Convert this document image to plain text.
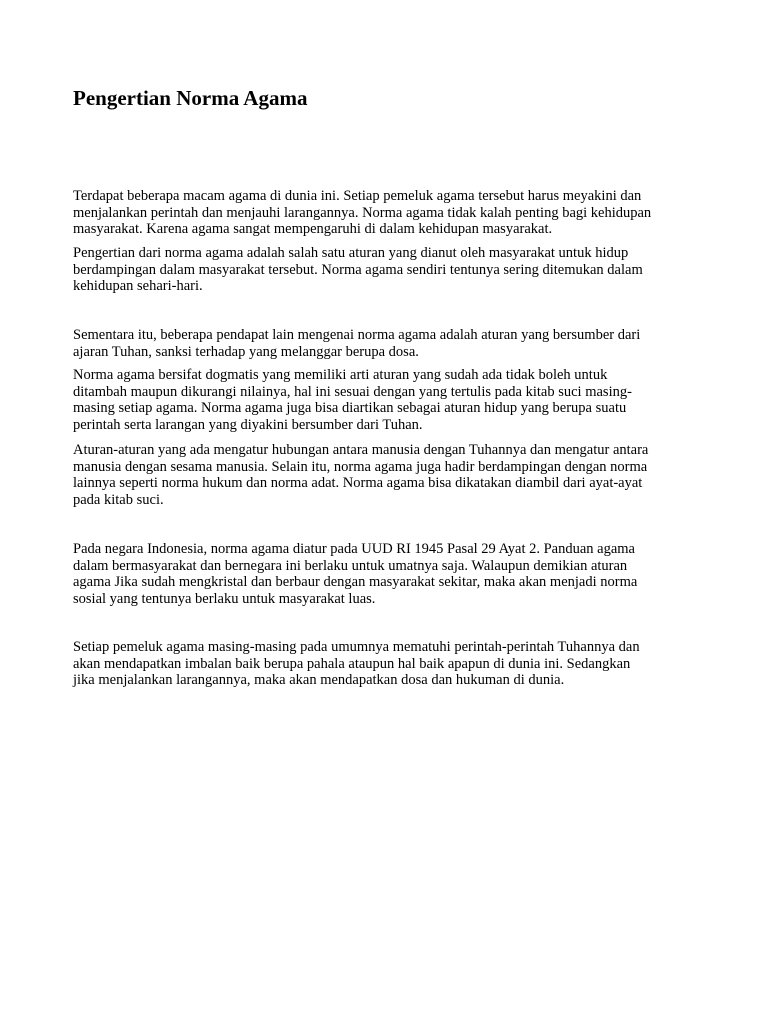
Pengertian Norma Agama

Terdapat beberapa macam agama di dunia ini. Setiap pemeluk agama tersebut harus meyakini dan
menjalankan perintah dan menjauhi larangannya. Norma agama tidak kalah penting bagi kehidupan
masyarakat. Karena agama sangat mempengaruhi di dalam kehidupan masyarakat.

Pengertian dari norma agama adalah salah satu aturan yang dianut oleh masyarakat untuk hidup
berdampingan dalam masyarakat tersebut. Norma agama sendiri tentunya sering ditemukan dalam
kehidupan sehari-hari.

Sementara itu, beberapa pendapat lain mengenai norma agama adalah aturan yang bersumber dari
ajaran Tuhan, sanksi terhadap yang melanggar berupa dosa.

Norma agama bersifat dogmatis yang memiliki arti aturan yang sudah ada tidak boleh untuk
ditambah maupun dikurangi nilainya, hal ini sesuai dengan yang tertulis pada kitab suci masing-
masing setiap agama. Norma agama juga bisa diartikan sebagai aturan hidup yang berupa suatu
perintah serta larangan yang diyakini bersumber dari Tuhan.

Aturan-aturan yang ada mengatur hubungan antara manusia dengan Tuhannya dan mengatur antara
manusia dengan sesama manusia. Selain itu, norma agama juga hadir berdampingan dengan norma
lainnya seperti norma hukum dan norma adat. Norma agama bisa dikatakan diambil dari ayat-ayat
pada kitab suci.

Pada negara Indonesia, norma agama diatur pada UUD RI 1945 Pasal 29 Ayat 2. Panduan agama
dalam bermasyarakat dan bernegara ini berlaku untuk umatnya saja. Walaupun demikian aturan
agama Jika sudah mengkristal dan berbaur dengan masyarakat sekitar, maka akan menjadi norma
sosial yang tentunya berlaku untuk masyarakat luas.

Setiap pemeluk agama masing-masing pada umumnya mematuhi perintah-perintah Tuhannya dan
akan mendapatkan imbalan baik berupa pahala ataupun hal baik apapun di dunia ini. Sedangkan
jika menjalankan larangannya, maka akan mendapatkan dosa dan hukuman di dunia.
